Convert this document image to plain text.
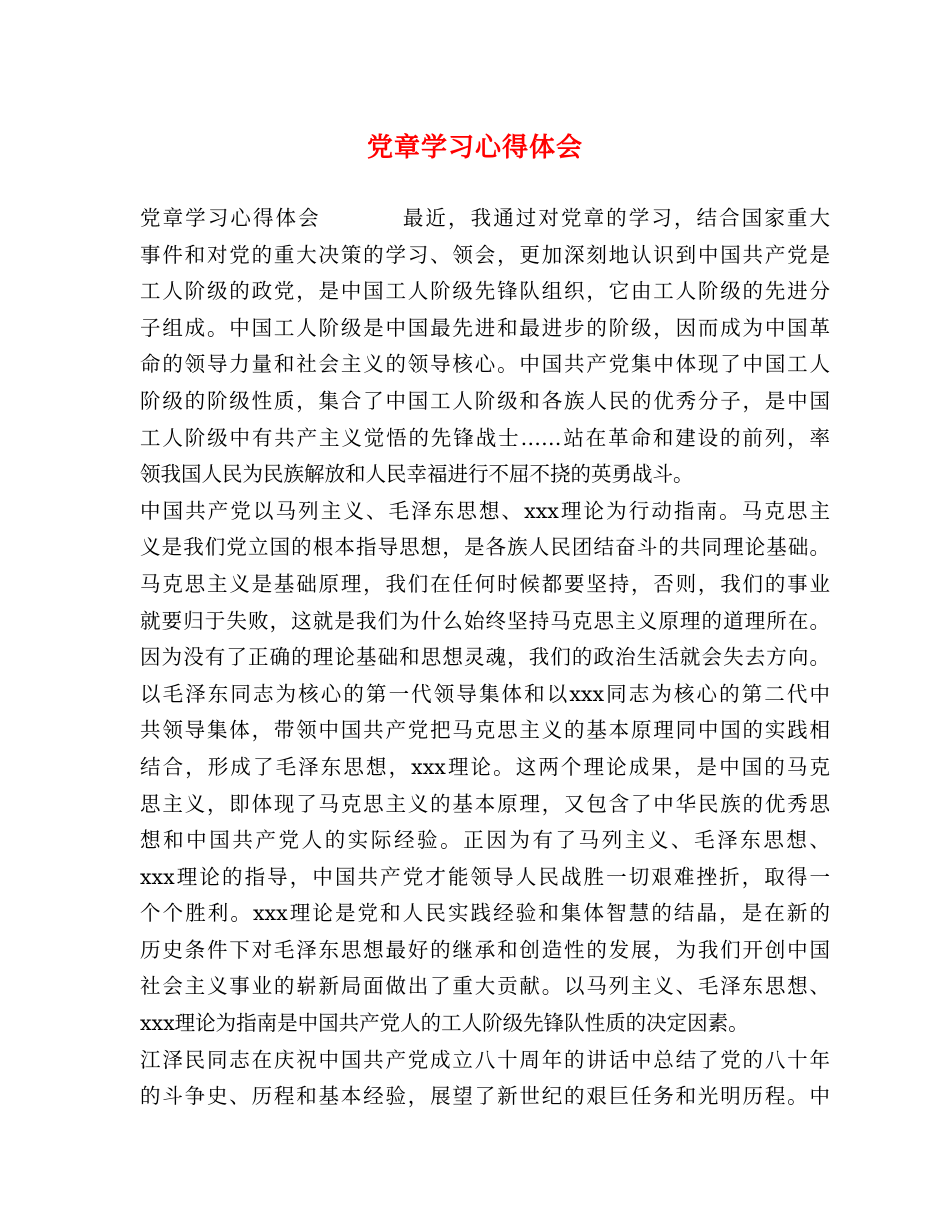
党章学习心得体会
党章学习心得体会	最近，我通过对党章的学习，结合国家重大
事件和对党的重大决策的学习、领会，更加深刻地认识到中国共产党是
工人阶级的政党，是中国工人阶级先锋队组织，它由工人阶级的先进分
子组成。中国工人阶级是中国最先进和最进步的阶级，因而成为中国革
命的领导力量和社会主义的领导核心。中国共产党集中体现了中国工人
阶级的阶级性质，集合了中国工人阶级和各族人民的优秀分子，是中国
工人阶级中有共产主义觉悟的先锋战士……站在革命和建设的前列，率
领我国人民为民族解放和人民幸福进行不屈不挠的英勇战斗。
中国共产党以马列主义、毛泽东思想、xxx理论为行动指南。马克思主
义是我们党立国的根本指导思想，是各族人民团结奋斗的共同理论基础。
马克思主义是基础原理，我们在任何时候都要坚持，否则，我们的事业
就要归于失败，这就是我们为什么始终坚持马克思主义原理的道理所在。
因为没有了正确的理论基础和思想灵魂，我们的政治生活就会失去方向。
以毛泽东同志为核心的第一代领导集体和以xxx同志为核心的第二代中
共领导集体，带领中国共产党把马克思主义的基本原理同中国的实践相
结合，形成了毛泽东思想，xxx理论。这两个理论成果，是中国的马克
思主义，即体现了马克思主义的基本原理，又包含了中华民族的优秀思
想和中国共产党人的实际经验。正因为有了马列主义、毛泽东思想、
xxx理论的指导，中国共产党才能领导人民战胜一切艰难挫折，取得一
个个胜利。xxx理论是党和人民实践经验和集体智慧的结晶，是在新的
历史条件下对毛泽东思想最好的继承和创造性的发展，为我们开创中国
社会主义事业的崭新局面做出了重大贡献。以马列主义、毛泽东思想、
xxx理论为指南是中国共产党人的工人阶级先锋队性质的决定因素。
江泽民同志在庆祝中国共产党成立八十周年的讲话中总结了党的八十年
的斗争史、历程和基本经验，展望了新世纪的艰巨任务和光明历程。中
